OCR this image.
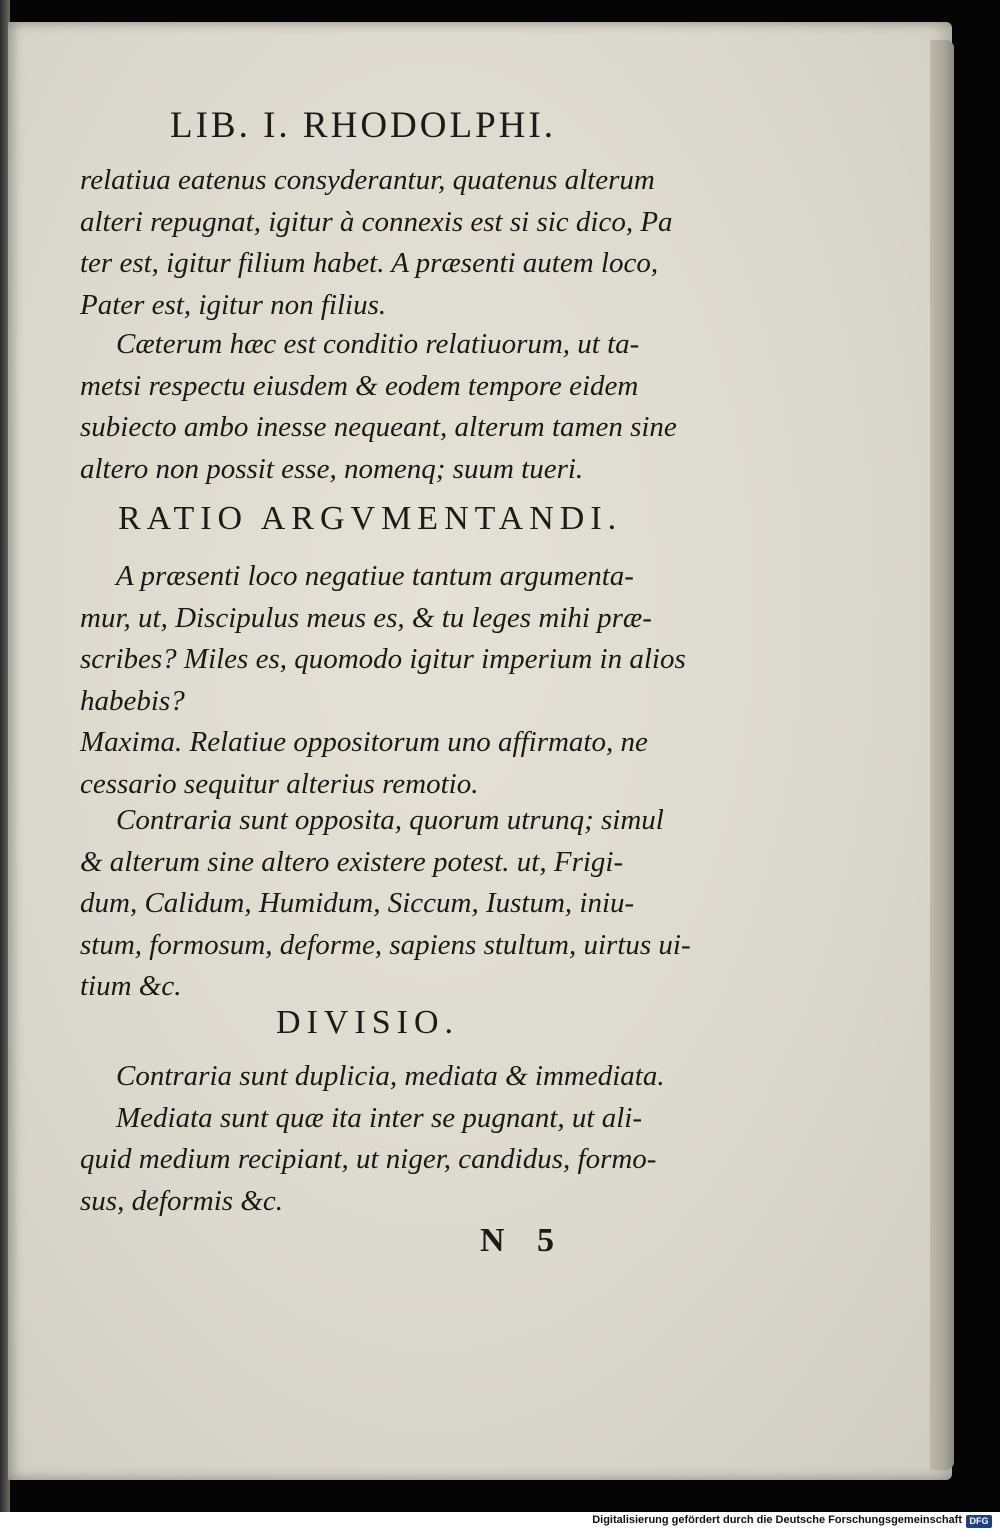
LIB. I. RHODOLPHI.
relatiua eatenus consyderantur, quatenus alterum
alteri repugnat, igitur à connexis est si sic dico, Pa
ter est, igitur filium habet. A præsenti autem loco,
Pater est, igitur non filius.
Cæterum hæc est conditio relatiuorum, ut ta-
metsi respectu eiusdem & eodem tempore eidem
subiecto ambo inesse nequeant, alterum tamen sine
altero non possit esse, nomenq; suum tueri.
RATIO ARGVMENTANDI.
A præsenti loco negatiue tantum argumenta-
mur, ut, Discipulus meus es, & tu leges mihi præ-
scribes? Miles es, quomodo igitur imperium in alios
habebis?
Maxima. Relatiue oppositorum uno affirmato, ne
cessario sequitur alterius remotio.
Contraria sunt opposita, quorum utrunq; simul
& alterum sine altero existere potest. ut, Frigi-
dum, Calidum, Humidum, Siccum, Iustum, iniu-
stum, formosum, deforme, sapiens stultum, uirtus ui-
tium &c.
DIVISIO.
Contraria sunt duplicia, mediata & immediata.
Mediata sunt quæ ita inter se pugnant, ut ali-
quid medium recipiant, ut niger, candidus, formo-
sus, deformis &c.
N 5
Digitalisierung gefördert durch die Deutsche Forschungsgemeinschaft DFG
